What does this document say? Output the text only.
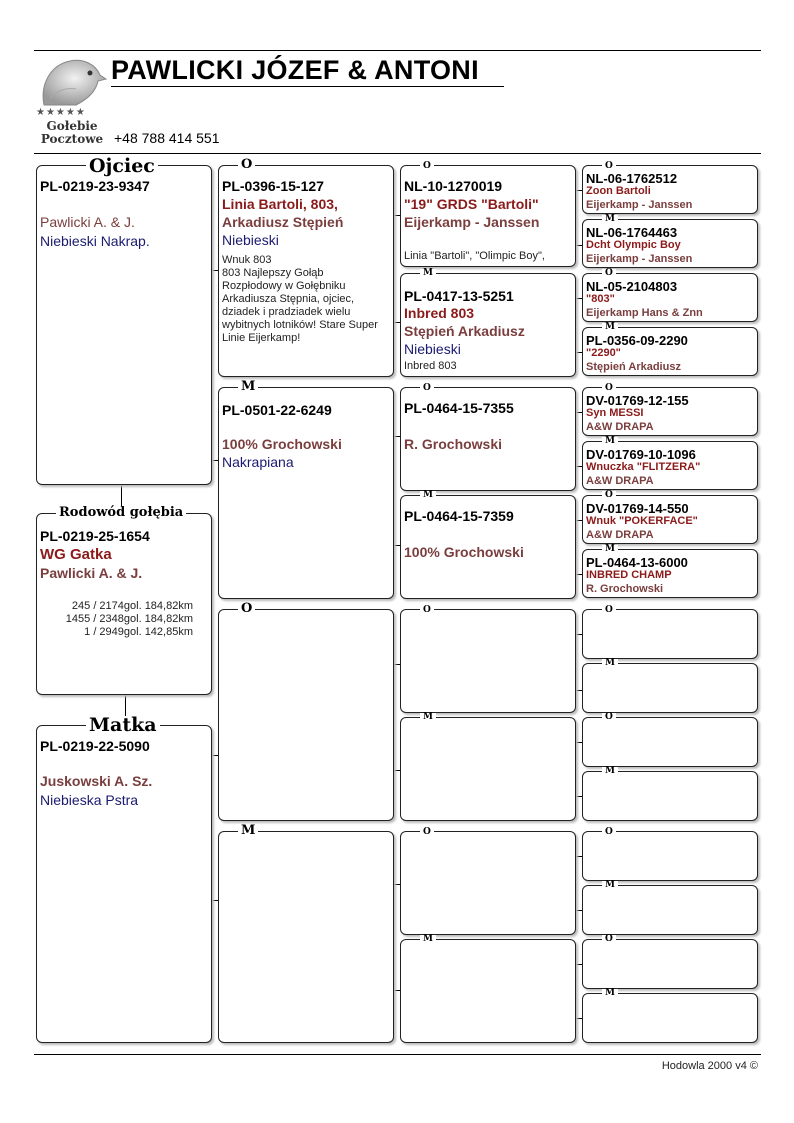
★★★★★
Gołebie
Pocztowe
PAWLICKI JÓZEF & ANTONI
+48 788 414 551
PL-0219-23-9347
Pawlicki A. & J.
Niebieski Nakrap.
Ojciec
PL-0219-25-1654
WG Gatka
Pawlicki A. & J.
245 / 2174gol. 184,82km
1455 / 2348gol. 184,82km
1 / 2949gol. 142,85km
Rodowód gołębia
PL-0219-22-5090
Juskowski A. Sz.
Niebieska Pstra
Matka
PL-0396-15-127
Linia Bartoli, 803,
Arkadiusz Stępień
Niebieski
Wnuk 803
803 Najlepszy Gołąb Rozpłodowy w Gołębniku Arkadiusza Stępnia, ojciec, dziadek i pradziadek wielu wybitnych lotników! Stare Super Linie Eijerkamp!
O
PL-0501-22-6249
100% Grochowski
Nakrapiana
M
O
M
NL-10-1270019
"19" GRDS "Bartoli"
Eijerkamp - Janssen
Linia "Bartoli", "Olimpic Boy",
O
PL-0417-13-5251
Inbred 803
Stępień Arkadiusz
Niebieski
Inbred 803
M
PL-0464-15-7355
R. Grochowski
O
PL-0464-15-7359
100% Grochowski
M
O
M
O
M
NL-06-1762512
Zoon Bartoli
Eijerkamp - Janssen
O
NL-06-1764463
Dcht Olympic Boy
Eijerkamp - Janssen
M
NL-05-2104803
"803"
Eijerkamp Hans & Znn
O
PL-0356-09-2290
"2290"
Stępień Arkadiusz
M
DV-01769-12-155
Syn MESSI
A&W DRAPA
O
DV-01769-10-1096
Wnuczka "FLITZERA"
A&W DRAPA
M
DV-01769-14-550
Wnuk "POKERFACE"
A&W DRAPA
O
PL-0464-13-6000
INBRED CHAMP
R. Grochowski
M
O
M
O
M
O
M
O
M
Hodowla 2000 v4 ©
